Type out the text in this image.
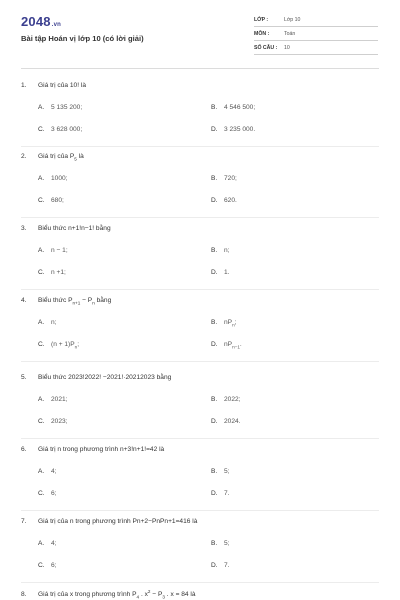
2048.vn
Bài tập Hoán vị lớp 10 (có lời giải)
LỚP :	Lớp 10
MÔN :	Toán
SỐ CÂU : 10
1. Giá trị của 10! là
A. 5 135 200;	B. 4 546 500;
C. 3 628 000;	D. 3 235 000.
2. Giá trị của $P_5$ là
A. 1000;	B. 720;
C. 680;	D. 620.
3. Biểu thức n+1!n−1! bằng
A. n − 1;	B. n;
C. n +1;	D. 1.
4. Biểu thức $P_{n+1} - P_n$ bằng
A. n;	B. $nP_n$;
C. $(n + 1)P_n$;	D. $nP_{n-1}$.
5. Biểu thức 2023!2022! −2021!·20212023 bằng
A. 2021;	B. 2022;
C. 2023;	D. 2024.
6. Giá trị n trong phương trình n+3!n+1!=42 là
A. 4;	B. 5;
C. 6;	D. 7.
7. Giá trị của n trong phương trình Pn+2−PnPn+1=416 là
A. 4;	B. 5;
C. 6;	D. 7.
8. Giá trị của x trong phương trình $P_4$ . $x^2 - P_3$ . x = 84 là
